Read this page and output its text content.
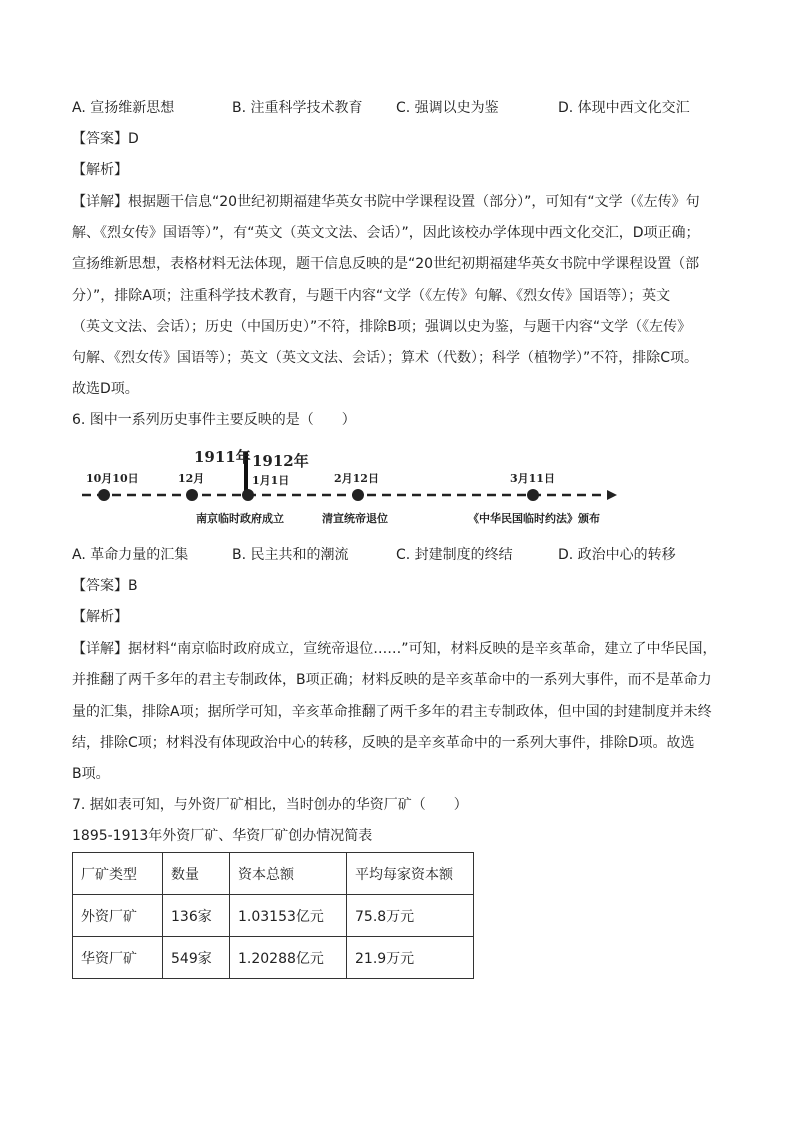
A. 宣扬维新思想	B. 注重科学技术教育 C. 强调以史为鉴	D. 体现中西文化交汇
【答案】D
【解析】
【详解】根据题干信息“20世纪初期福建华英女书院中学课程设置（部分）”，可知有“文学（《左传》句
解、《烈女传》国语等）”，有“英文（英文文法、会话）”，因此该校办学体现中西文化交汇，D项正确；
宣扬维新思想，表格材料无法体现，题干信息反映的是“20世纪初期福建华英女书院中学课程设置（部
分）”，排除A项；注重科学技术教育，与题干内容“文学（《左传》句解、《烈女传》国语等）；英文
（英文文法、会话）；历史（中国历史）”不符，排除B项；强调以史为鉴，与题干内容“文学（《左传》
句解、《烈女传》国语等）；英文（英文文法、会话）；算术（代数）；科学（植物学）”不符，排除C项。
故选D项。
6. 图中一系列历史事件主要反映的是（　　）
1911年 1912年
10月10日	12月	1月1日	2月12日	3月11日
南京临时政府成立	清宣统帝退位	《中华民国临时约法》颁布
A. 革命力量的汇集	B. 民主共和的潮流	C. 封建制度的终结	D. 政治中心的转移
【答案】B
【解析】
【详解】据材料“南京临时政府成立，宣统帝退位……”可知，材料反映的是辛亥革命，建立了中华民国，
并推翻了两千多年的君主专制政体，B项正确；材料反映的是辛亥革命中的一系列大事件，而不是革命力
量的汇集，排除A项；据所学可知，辛亥革命推翻了两千多年的君主专制政体，但中国的封建制度并未终
结，排除C项；材料没有体现政治中心的转移，反映的是辛亥革命中的一系列大事件，排除D项。故选
B项。
7. 据如表可知，与外资厂矿相比，当时创办的华资厂矿（　　）
1895-1913年外资厂矿、华资厂矿创办情况简表
厂矿类型	数量	资本总额	平均每家资本额
外资厂矿	136家	1.03153亿元	75.8万元
华资厂矿	549家	1.20288亿元	21.9万元
